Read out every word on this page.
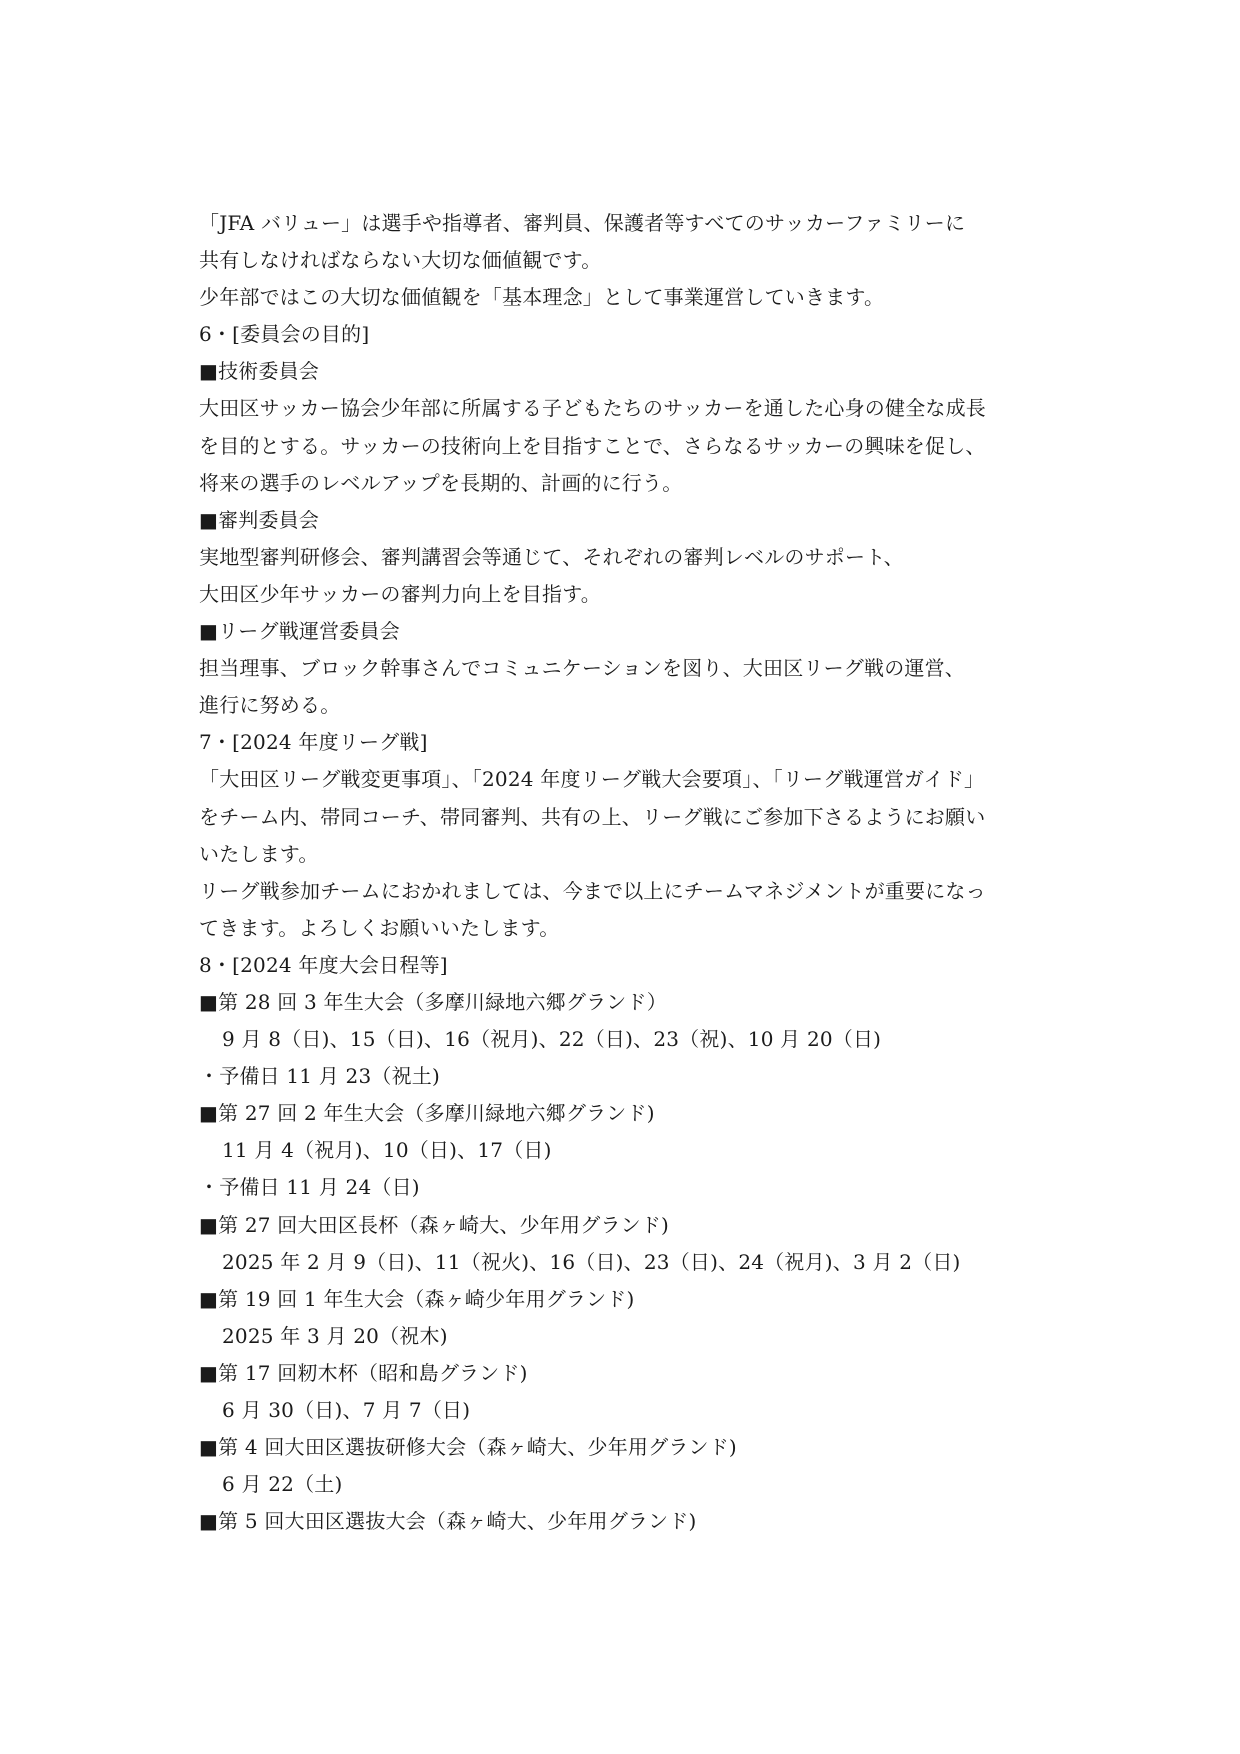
「JFA バリュー」は選手や指導者、審判員、保護者等すべてのサッカーファミリーに
共有しなければならない大切な価値観です。
少年部ではこの大切な価値観を「基本理念」として事業運営していきます。
6・[委員会の目的]
■技術委員会
大田区サッカー協会少年部に所属する子どもたちのサッカーを通した心身の健全な成長
を目的とする。サッカーの技術向上を目指すことで、さらなるサッカーの興味を促し、
将来の選手のレベルアップを長期的、計画的に行う。
■審判委員会
実地型審判研修会、審判講習会等通じて、それぞれの審判レベルのサポート、
大田区少年サッカーの審判力向上を目指す。
■リーグ戦運営委員会
担当理事、ブロック幹事さんでコミュニケーションを図り、大田区リーグ戦の運営、
進行に努める。
7・[2024 年度リーグ戦]
「大田区リーグ戦変更事項」、「2024 年度リーグ戦大会要項」、「リーグ戦運営ガイド」
をチーム内、帯同コーチ、帯同審判、共有の上、リーグ戦にご参加下さるようにお願い
いたします。
リーグ戦参加チームにおかれましては、今まで以上にチームマネジメントが重要になっ
てきます。よろしくお願いいたします。
8・[2024 年度大会日程等]
■第 28 回 3 年生大会（多摩川緑地六郷グランド）
9 月 8（日)、15（日)、16（祝月)、22（日)、23（祝)、10 月 20（日)
・予備日 11 月 23（祝土)
■第 27 回 2 年生大会（多摩川緑地六郷グランド)
11 月 4（祝月)、10（日)、17（日)
・予備日 11 月 24（日)
■第 27 回大田区長杯（森ヶ崎大、少年用グランド)
2025 年 2 月 9（日)、11（祝火)、16（日)、23（日)、24（祝月)、3 月 2（日)
■第 19 回 1 年生大会（森ヶ崎少年用グランド)
2025 年 3 月 20（祝木)
■第 17 回籾木杯（昭和島グランド)
6 月 30（日)、7 月 7（日)
■第 4 回大田区選抜研修大会（森ヶ崎大、少年用グランド)
6 月 22（土)
■第 5 回大田区選抜大会（森ヶ崎大、少年用グランド)
